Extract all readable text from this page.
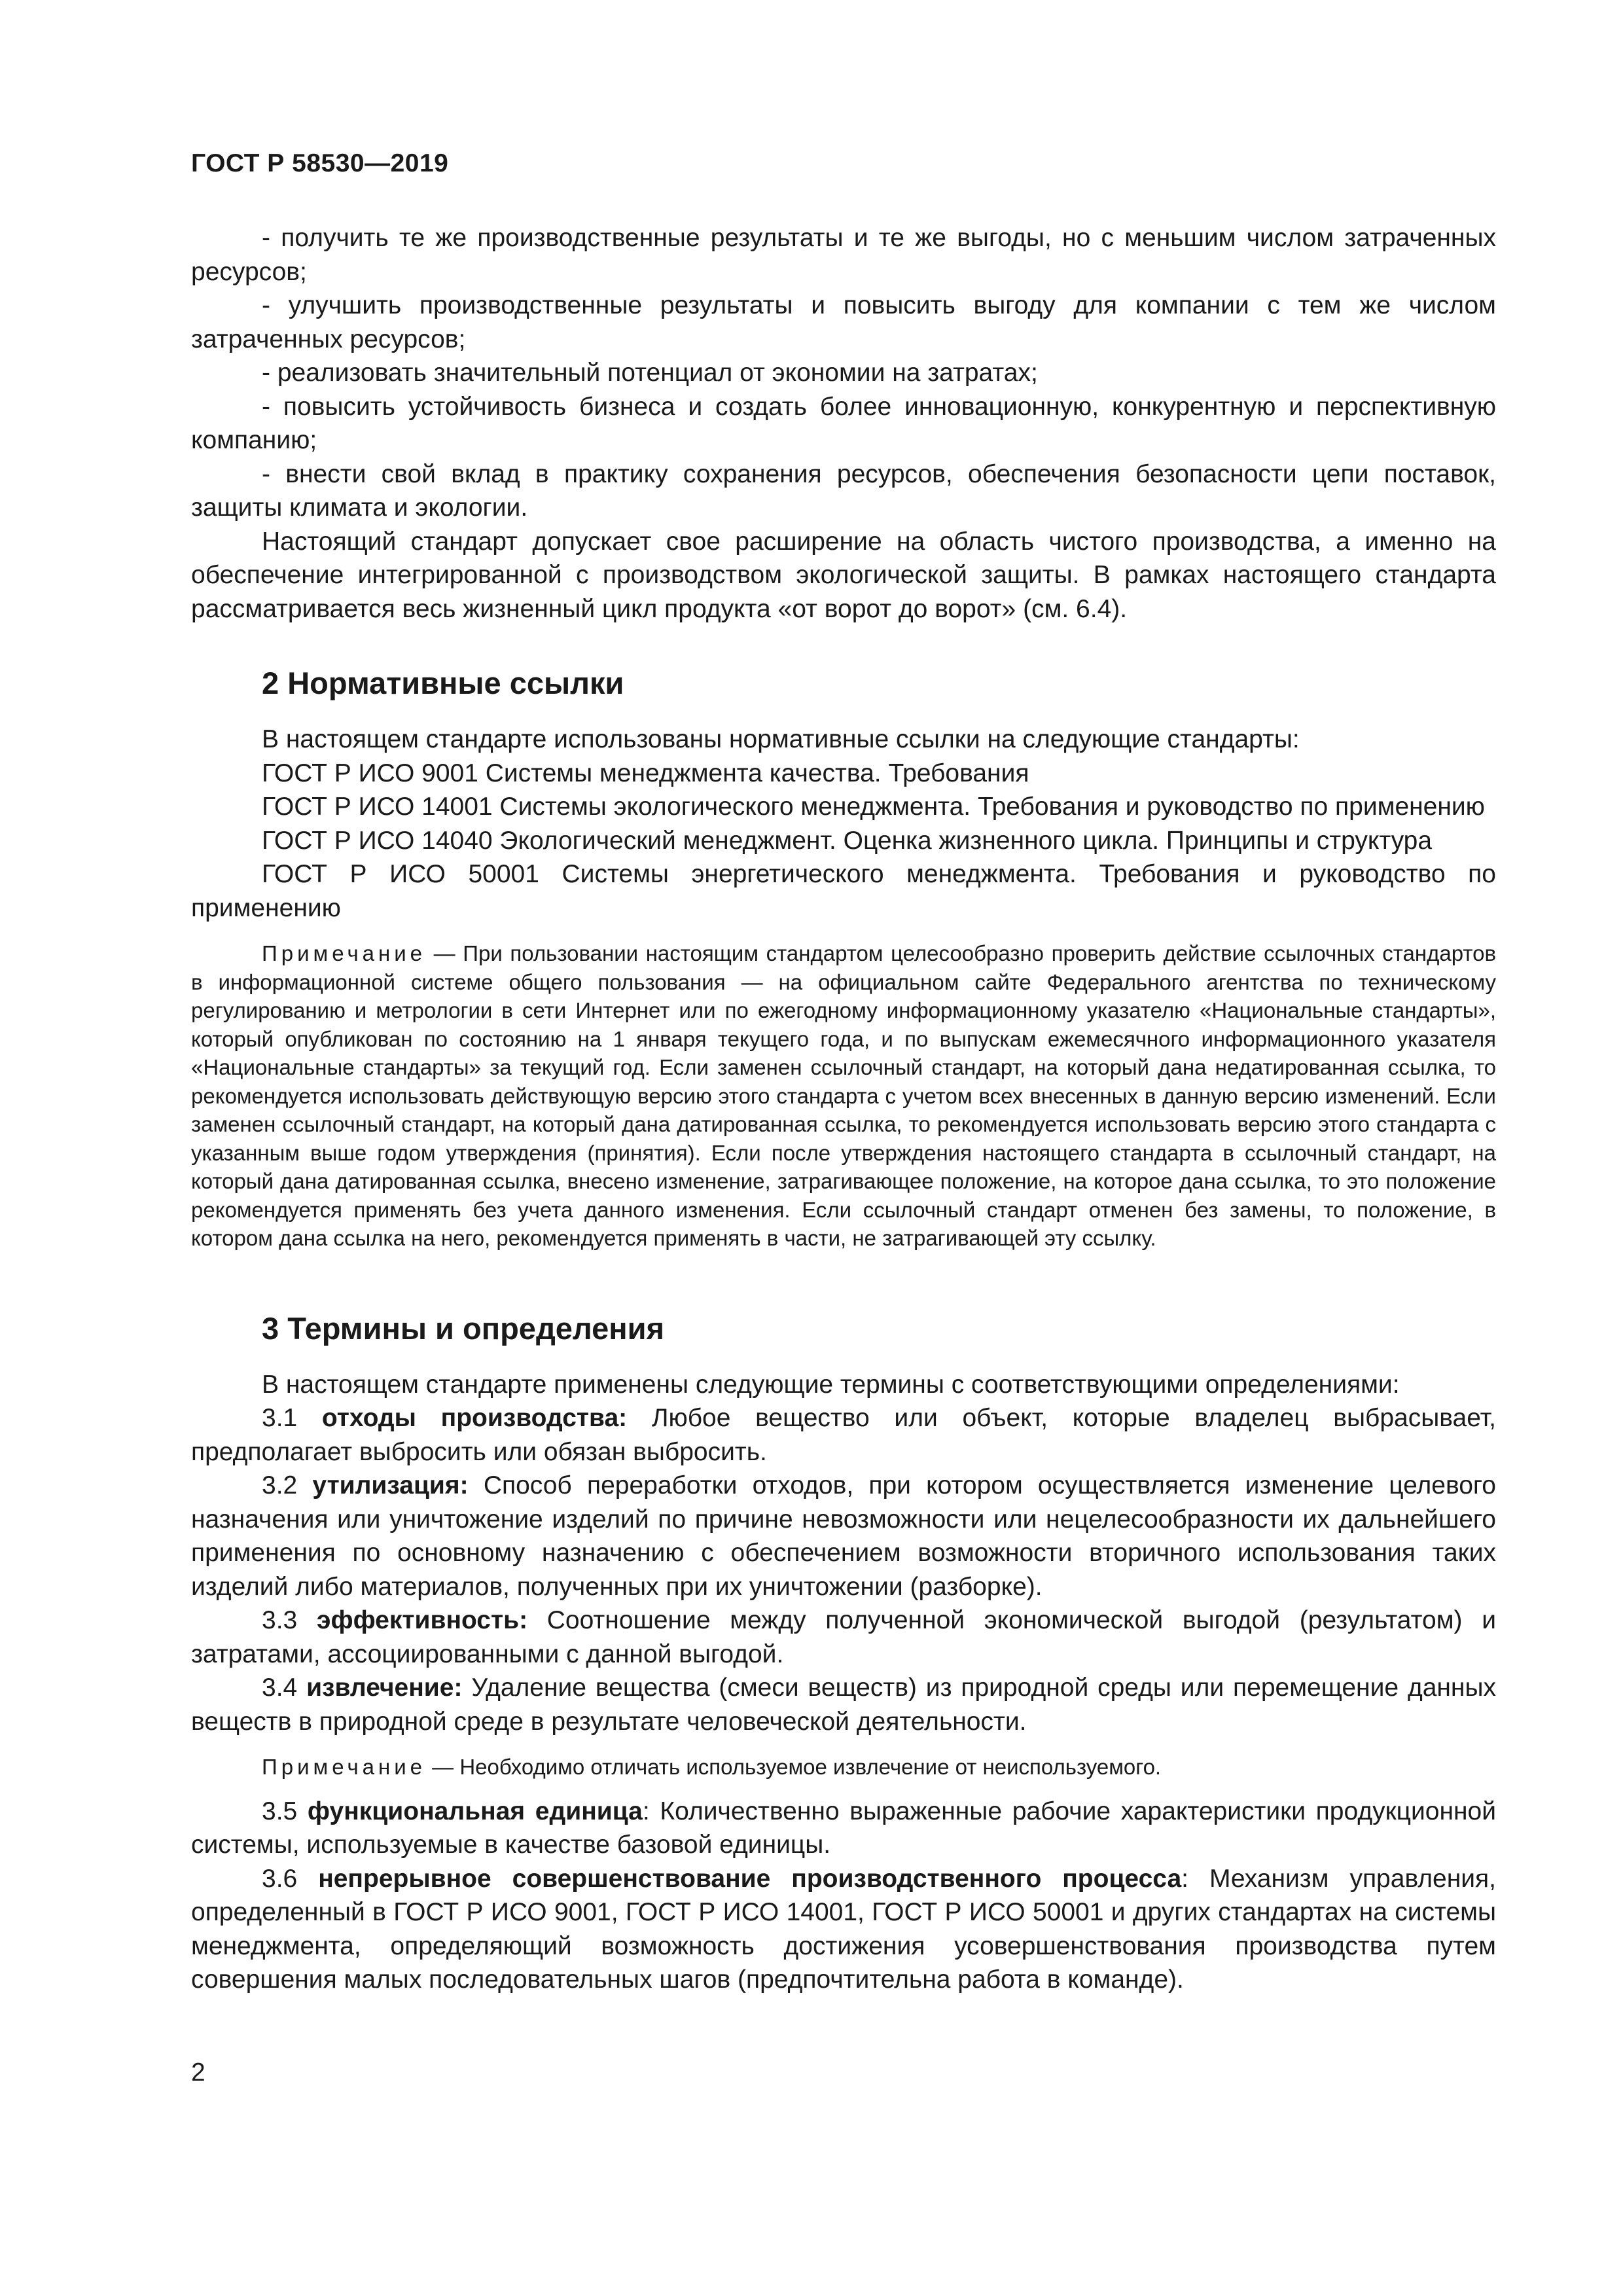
ГОСТ Р 58530—2019

- получить те же производственные результаты и те же выгоды, но с меньшим числом затраченных ресурсов;

- улучшить производственные результаты и повысить выгоду для компании с тем же числом затраченных ресурсов;

- реализовать значительный потенциал от экономии на затратах;

- повысить устойчивость бизнеса и создать более инновационную, конкурентную и перспективную компанию;

- внести свой вклад в практику сохранения ресурсов, обеспечения безопасности цепи поставок, защиты климата и экологии.

Настоящий стандарт допускает свое расширение на область чистого производства, а именно на обеспечение интегрированной с производством экологической защиты. В рамках настоящего стандарта рассматривается весь жизненный цикл продукта «от ворот до ворот» (см. 6.4).

2 Нормативные ссылки

В настоящем стандарте использованы нормативные ссылки на следующие стандарты:

ГОСТ Р ИСО 9001 Системы менеджмента качества. Требования

ГОСТ Р ИСО 14001 Системы экологического менеджмента. Требования и руководство по применению

ГОСТ Р ИСО 14040 Экологический менеджмент. Оценка жизненного цикла. Принципы и структура

ГОСТ Р ИСО 50001 Системы энергетического менеджмента. Требования и руководство по применению

Примечание — При пользовании настоящим стандартом целесообразно проверить действие ссылочных стандартов в информационной системе общего пользования — на официальном сайте Федерального агентства по техническому регулированию и метрологии в сети Интернет или по ежегодному информационному указателю «Национальные стандарты», который опубликован по состоянию на 1 января текущего года, и по выпускам ежемесячного информационного указателя «Национальные стандарты» за текущий год. Если заменен ссылочный стандарт, на который дана недатированная ссылка, то рекомендуется использовать действующую версию этого стандарта с учетом всех внесенных в данную версию изменений. Если заменен ссылочный стандарт, на который дана датированная ссылка, то рекомендуется использовать версию этого стандарта с указанным выше годом утверждения (принятия). Если после утверждения настоящего стандарта в ссылочный стандарт, на который дана датированная ссылка, внесено изменение, затрагивающее положение, на которое дана ссылка, то это положение рекомендуется применять без учета данного изменения. Если ссылочный стандарт отменен без замены, то положение, в котором дана ссылка на него, рекомендуется применять в части, не затрагивающей эту ссылку.

3 Термины и определения

В настоящем стандарте применены следующие термины с соответствующими определениями:

3.1 отходы производства: Любое вещество или объект, которые владелец выбрасывает, предполагает выбросить или обязан выбросить.

3.2 утилизация: Способ переработки отходов, при котором осуществляется изменение целевого назначения или уничтожение изделий по причине невозможности или нецелесообразности их дальнейшего применения по основному назначению с обеспечением возможности вторичного использования таких изделий либо материалов, полученных при их уничтожении (разборке).

3.3 эффективность: Соотношение между полученной экономической выгодой (результатом) и затратами, ассоциированными с данной выгодой.

3.4 извлечение: Удаление вещества (смеси веществ) из природной среды или перемещение данных веществ в природной среде в результате человеческой деятельности.

Примечание — Необходимо отличать используемое извлечение от неиспользуемого.

3.5 функциональная единица: Количественно выраженные рабочие характеристики продукционной системы, используемые в качестве базовой единицы.

3.6 непрерывное совершенствование производственного процесса: Механизм управления, определенный в ГОСТ Р ИСО 9001, ГОСТ Р ИСО 14001, ГОСТ Р ИСО 50001 и других стандартах на системы менеджмента, определяющий возможность достижения усовершенствования производства путем совершения малых последовательных шагов (предпочтительна работа в команде).

2
